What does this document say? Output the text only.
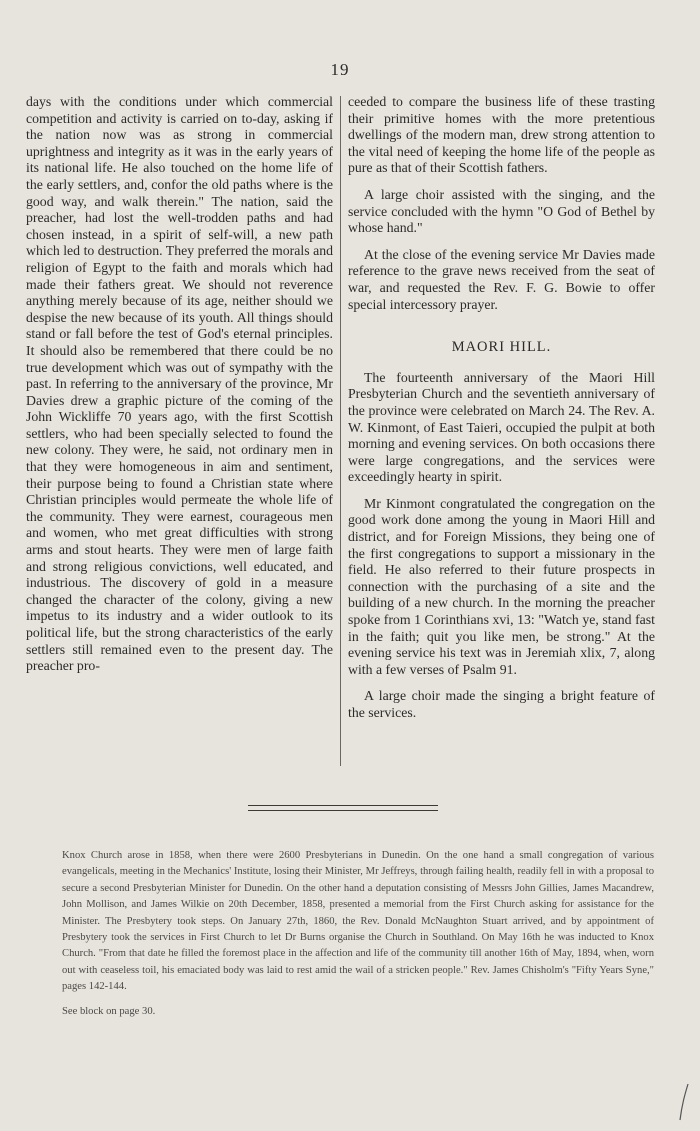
19

days with the conditions under which commercial competition and activity is carried on to-day, asking if the nation now was as strong in commercial uprightness and integrity as it was in the early years of its national life. He also touched on the home life of the early settlers, and, confor the old paths where is the good way, and walk therein." The nation, said the preacher, had lost the well-trodden paths and had chosen instead, in a spirit of self-will, a new path which led to destruction. They preferred the morals and religion of Egypt to the faith and morals which had made their fathers great. We should not reverence anything merely because of its age, neither should we despise the new because of its youth. All things should stand or fall before the test of God's eternal principles. It should also be remembered that there could be no true development which was out of sympathy with the past. In referring to the anniversary of the province, Mr Davies drew a graphic picture of the coming of the John Wickliffe 70 years ago, with the first Scottish settlers, who had been specially selected to found the new colony. They were, he said, not ordinary men in that they were homogeneous in aim and sentiment, their purpose being to found a Christian state where Christian principles would permeate the whole life of the community. They were earnest, courageous men and women, who met great difficulties with strong arms and stout hearts. They were men of large faith and strong religious convictions, well educated, and industrious. The discovery of gold in a measure changed the character of the colony, giving a new impetus to its industry and a wider outlook to its political life, but the strong characteristics of the early settlers still remained even to the present day. The preacher pro-

ceeded to compare the business life of these trasting their primitive homes with the more pretentious dwellings of the modern man, drew strong attention to the vital need of keeping the home life of the people as pure as that of their Scottish fathers.

A large choir assisted with the singing, and the service concluded with the hymn "O God of Bethel by whose hand."

At the close of the evening service Mr Davies made reference to the grave news received from the seat of war, and requested the Rev. F. G. Bowie to offer special intercessory prayer.

MAORI HILL.

The fourteenth anniversary of the Maori Hill Presbyterian Church and the seventieth anniversary of the province were celebrated on March 24. The Rev. A. W. Kinmont, of East Taieri, occupied the pulpit at both morning and evening services. On both occasions there were large congregations, and the services were exceedingly hearty in spirit.

Mr Kinmont congratulated the congregation on the good work done among the young in Maori Hill and district, and for Foreign Missions, they being one of the first congregations to support a missionary in the field. He also referred to their future prospects in connection with the purchasing of a site and the building of a new church. In the morning the preacher spoke from 1 Corinthians xvi, 13: "Watch ye, stand fast in the faith; quit you like men, be strong." At the evening service his text was in Jeremiah xlix, 7, along with a few verses of Psalm 91.

A large choir made the singing a bright feature of the services.

Knox Church arose in 1858, when there were 2600 Presbyterians in Dunedin. On the one hand a small congregation of various evangelicals, meeting in the Mechanics' Institute, losing their Minister, Mr Jeffreys, through failing health, readily fell in with a proposal to secure a second Presbyterian Minister for Dunedin. On the other hand a deputation consisting of Messrs John Gillies, James Macandrew, John Mollison, and James Wilkie on 20th December, 1858, presented a memorial from the First Church asking for assistance for the Minister. The Presbytery took steps. On January 27th, 1860, the Rev. Donald McNaughton Stuart arrived, and by appointment of Presbytery took the services in First Church to let Dr Burns organise the Church in Southland. On May 16th he was inducted to Knox Church. "From that date he filled the foremost place in the affection and life of the community till another 16th of May, 1894, when, worn out with ceaseless toil, his emaciated body was laid to rest amid the wail of a stricken people." Rev. James Chisholm's "Fifty Years Syne," pages 142-144.

See block on page 30.
